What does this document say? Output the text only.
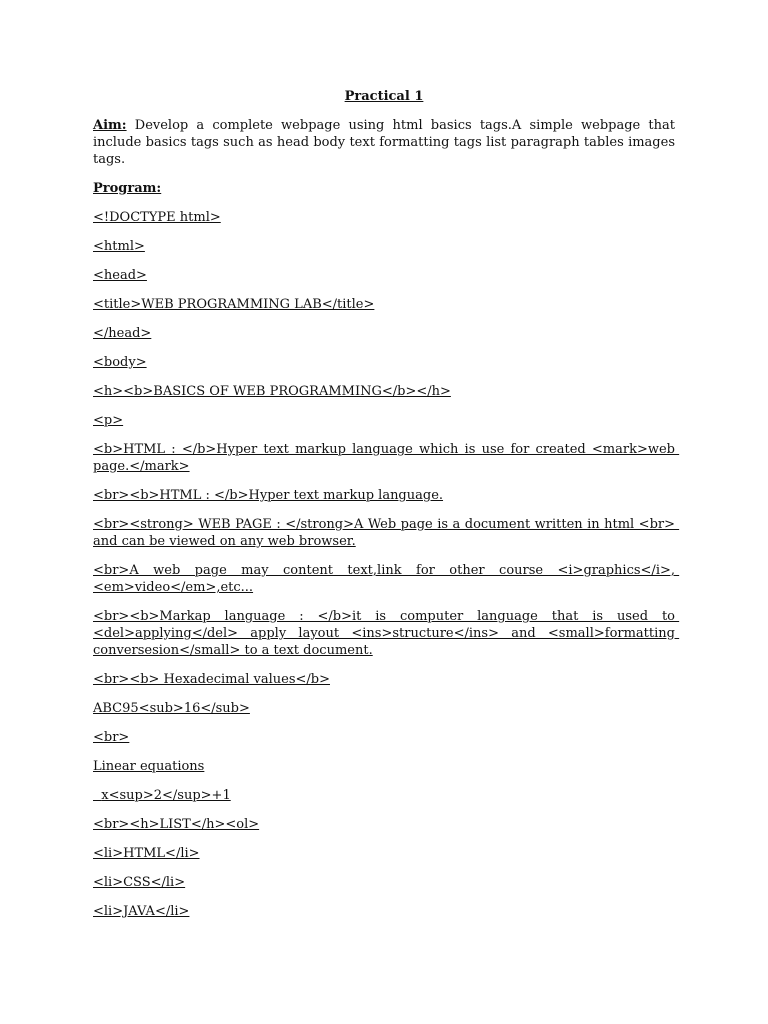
Practical 1
Aim: Develop a complete webpage using html basics tags.A simple webpage that include basics tags such as head body text formatting tags list paragraph tables images tags.
Program:
<!DOCTYPE html>
<html>
<head>
<title>WEB PROGRAMMING LAB</title>
</head>
<body>
<h><b>BASICS OF WEB PROGRAMMING</b></h>
<p>
<b>HTML : </b>Hyper text markup language which is use for created <mark>web page.</mark>
<br><b>HTML : </b>Hyper text markup language.
<br><strong> WEB PAGE : </strong>A Web page is a document written in html <br> and can be viewed on any web browser.
<br>A web page may content text,link for other course <i>graphics</i>, <em>video</em>,etc...
<br><b>Markap language : </b>it is computer language that is used to <del>applying</del> apply layout <ins>structure</ins> and <small>formatting conversesion</small> to a text document.
<br><b> Hexadecimal values</b>
ABC95<sub>16</sub>
<br>
Linear equations
x<sup>2</sup>+1
<br><h>LIST</h><ol>
<li>HTML</li>
<li>CSS</li>
<li>JAVA</li>
